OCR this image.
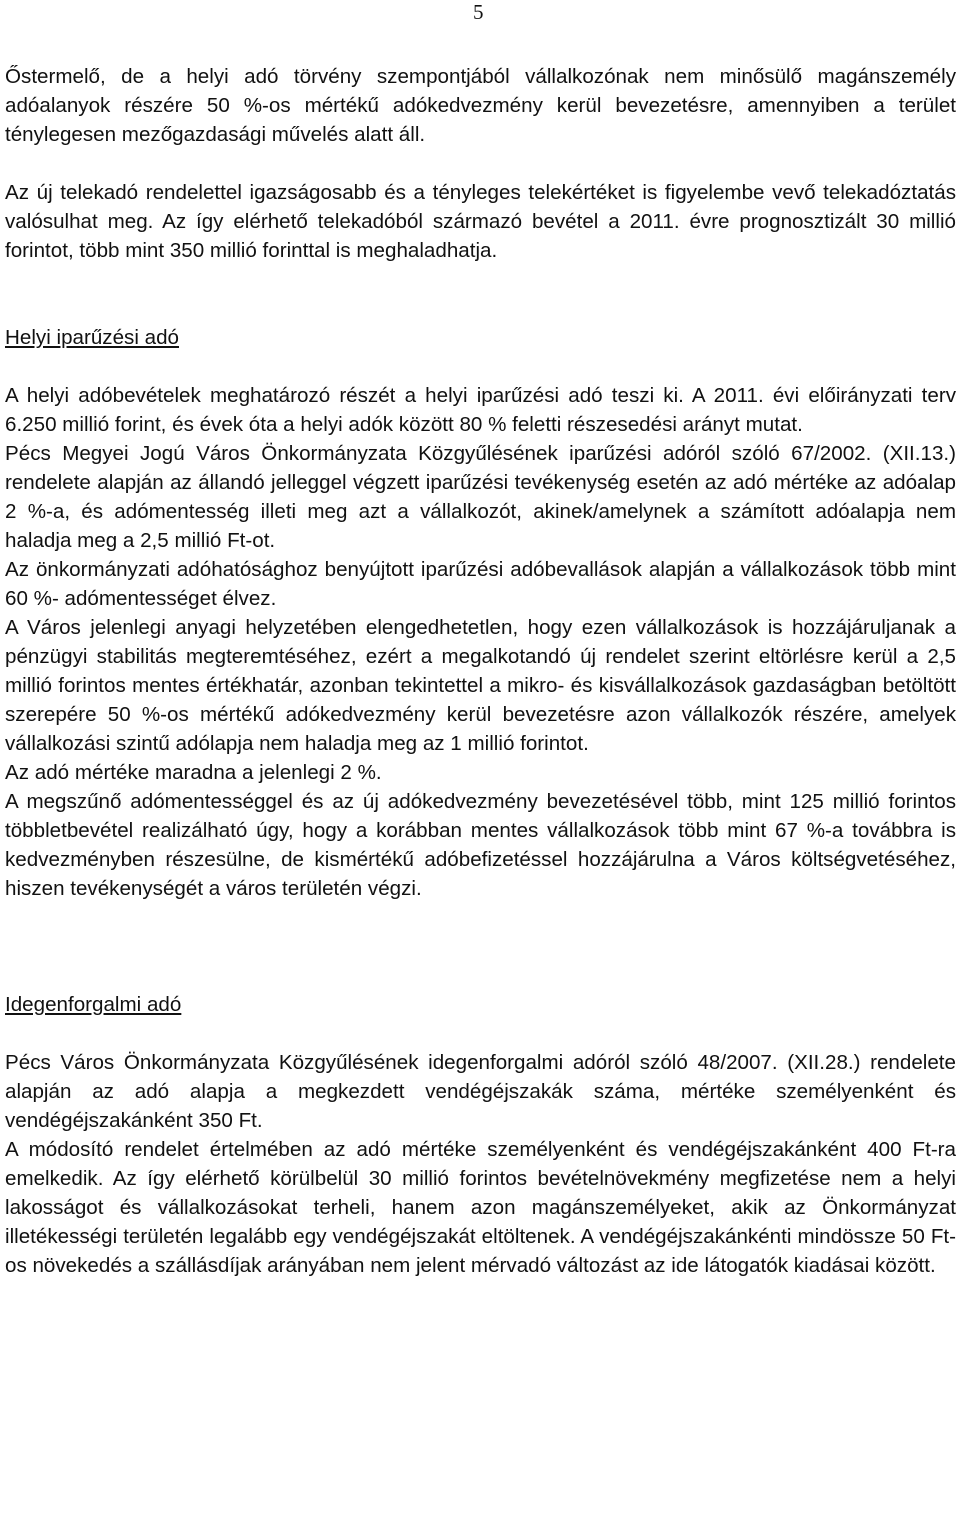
5

Őstermelő, de a helyi adó törvény szempontjából vállalkozónak nem minősülő magánszemély adóalanyok részére 50 %-os mértékű adókedvezmény kerül bevezetésre, amennyiben a terület ténylegesen mezőgazdasági művelés alatt áll.

Az új telekadó rendelettel igazságosabb és a tényleges telekértéket is figyelembe vevő telekadóztatás valósulhat meg. Az így elérhető telekadóból származó bevétel a 2011. évre prognosztizált 30 millió forintot, több mint 350 millió forinttal is meghaladhatja.

Helyi iparűzési adó

A helyi adóbevételek meghatározó részét a helyi iparűzési adó teszi ki. A 2011. évi előirányzati terv 6.250 millió forint, és évek óta a helyi adók között 80 % feletti részesedési arányt mutat.

Pécs Megyei Jogú Város Önkormányzata Közgyűlésének iparűzési adóról szóló 67/2002. (XII.13.) rendelete alapján az állandó jelleggel végzett iparűzési tevékenység esetén az adó mértéke az adóalap 2 %-a, és adómentesség illeti meg azt a vállalkozót, akinek/amelynek a számított adóalapja nem haladja meg a 2,5 millió Ft-ot.

Az önkormányzati adóhatósághoz benyújtott iparűzési adóbevallások alapján a vállalkozások több mint 60 %- adómentességet élvez.

A Város jelenlegi anyagi helyzetében elengedhetetlen, hogy ezen vállalkozások is hozzájáruljanak a pénzügyi stabilitás megteremtéséhez, ezért a megalkotandó új rendelet szerint eltörlésre kerül a 2,5 millió forintos mentes értékhatár, azonban tekintettel a mikro- és kisvállalkozások gazdaságban betöltött szerepére 50 %-os mértékű adókedvezmény kerül bevezetésre azon vállalkozók részére, amelyek vállalkozási szintű adólapja nem haladja meg az 1 millió forintot.

Az adó mértéke maradna a jelenlegi 2 %.

A megszűnő adómentességgel és az új adókedvezmény bevezetésével több, mint 125 millió forintos többletbevétel realizálható úgy, hogy a korábban mentes vállalkozások több mint 67 %-a továbbra is kedvezményben részesülne, de kismértékű adóbefizetéssel hozzájárulna a Város költségvetéséhez, hiszen tevékenységét a város területén végzi.

Idegenforgalmi adó

Pécs Város Önkormányzata Közgyűlésének idegenforgalmi adóról szóló 48/2007. (XII.28.) rendelete alapján az adó alapja a megkezdett vendégéjszakák száma, mértéke személyenként és vendégéjszakánként 350 Ft.

A módosító rendelet értelmében az adó mértéke személyenként és vendégéjszakánként 400 Ft-ra emelkedik. Az így elérhető körülbelül 30 millió forintos bevételnövekmény megfizetése nem a helyi lakosságot és vállalkozásokat terheli, hanem azon magánszemélyeket, akik az Önkormányzat illetékességi területén legalább egy vendégéjszakát eltöltenek. A vendégéjszakánkénti mindössze 50 Ft-os növekedés a szállásdíjak arányában nem jelent mérvadó változást az ide látogatók kiadásai között.
